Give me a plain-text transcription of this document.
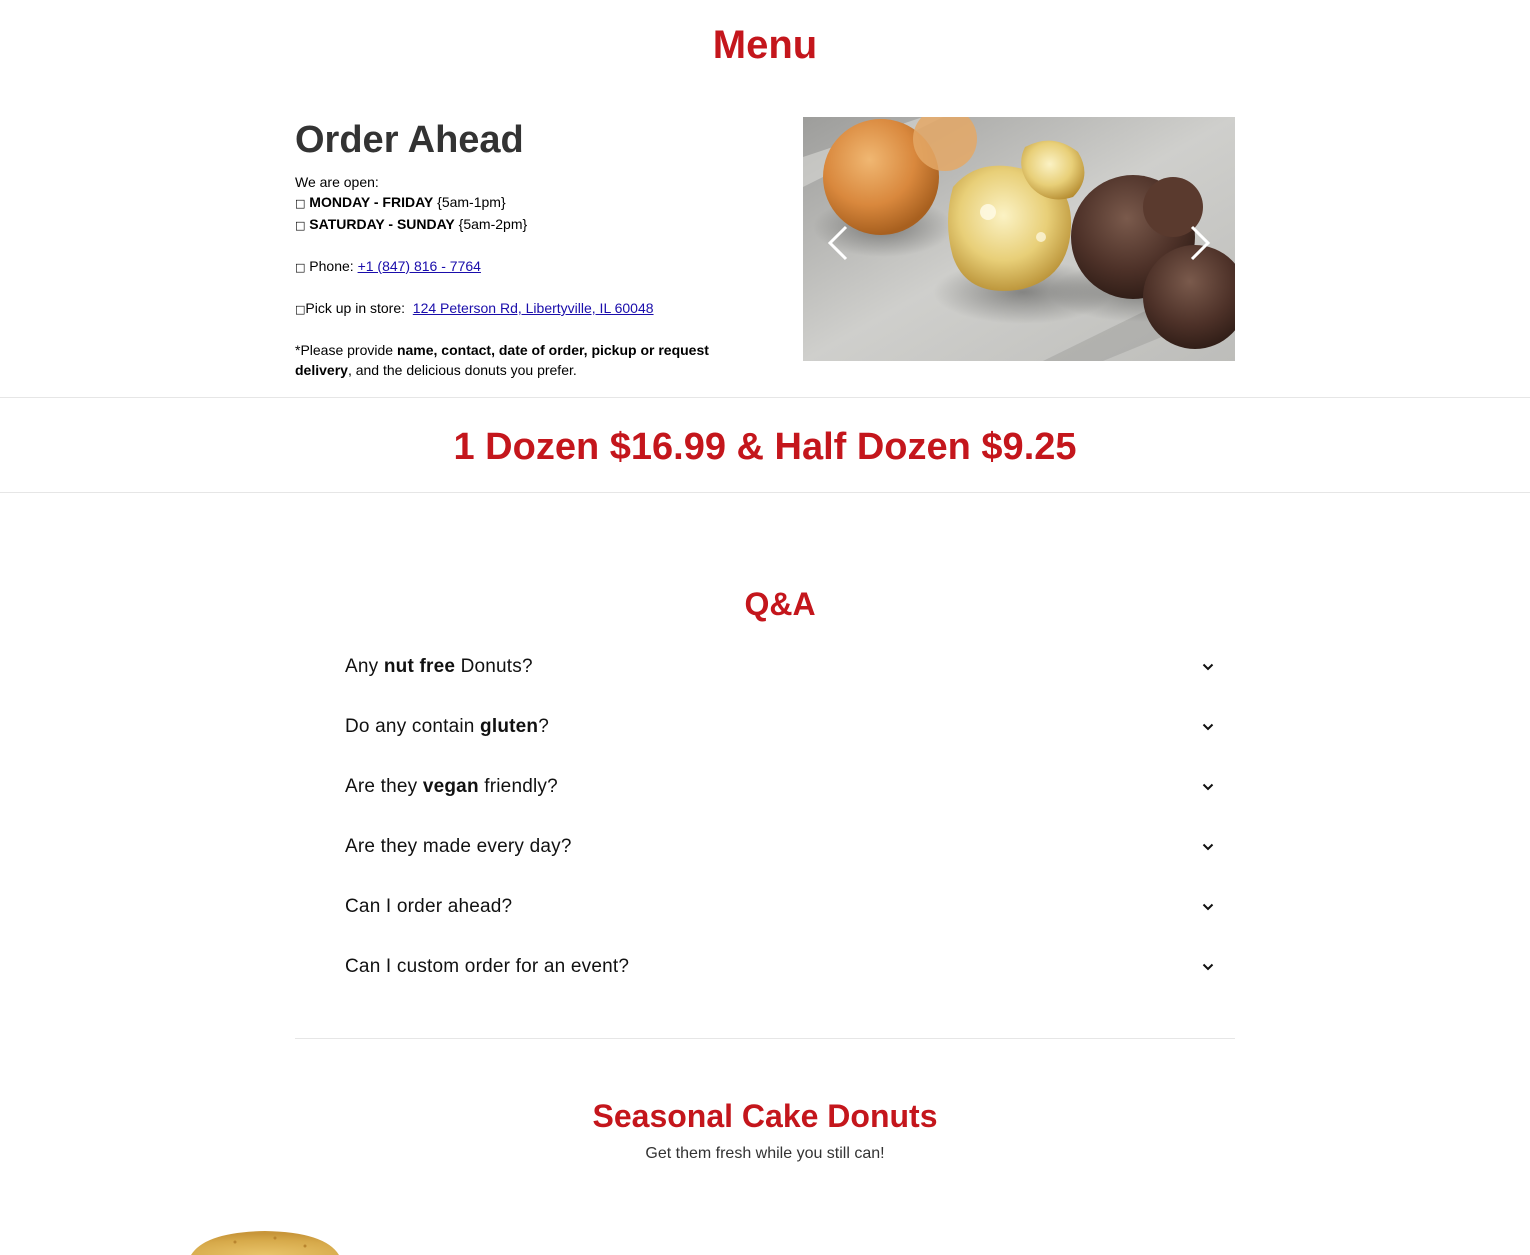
Menu
Order Ahead
We are open:
□ MONDAY - FRIDAY {5am-1pm}
□ SATURDAY - SUNDAY {5am-2pm}
□ Phone: +1 (847) 816 - 7764
□Pick up in store:  124 Peterson Rd, Libertyville, IL 60048
*Please provide name, contact, date of order, pickup or request delivery, and the delicious donuts you prefer.
1 Dozen $16.99 & Half Dozen $9.25
Q&A
Any nut free Donuts?
Do any contain gluten?
Are they vegan friendly?
Are they made every day?
Can I order ahead?
Can I custom order for an event?
Seasonal Cake Donuts

Get them fresh while you still can!
